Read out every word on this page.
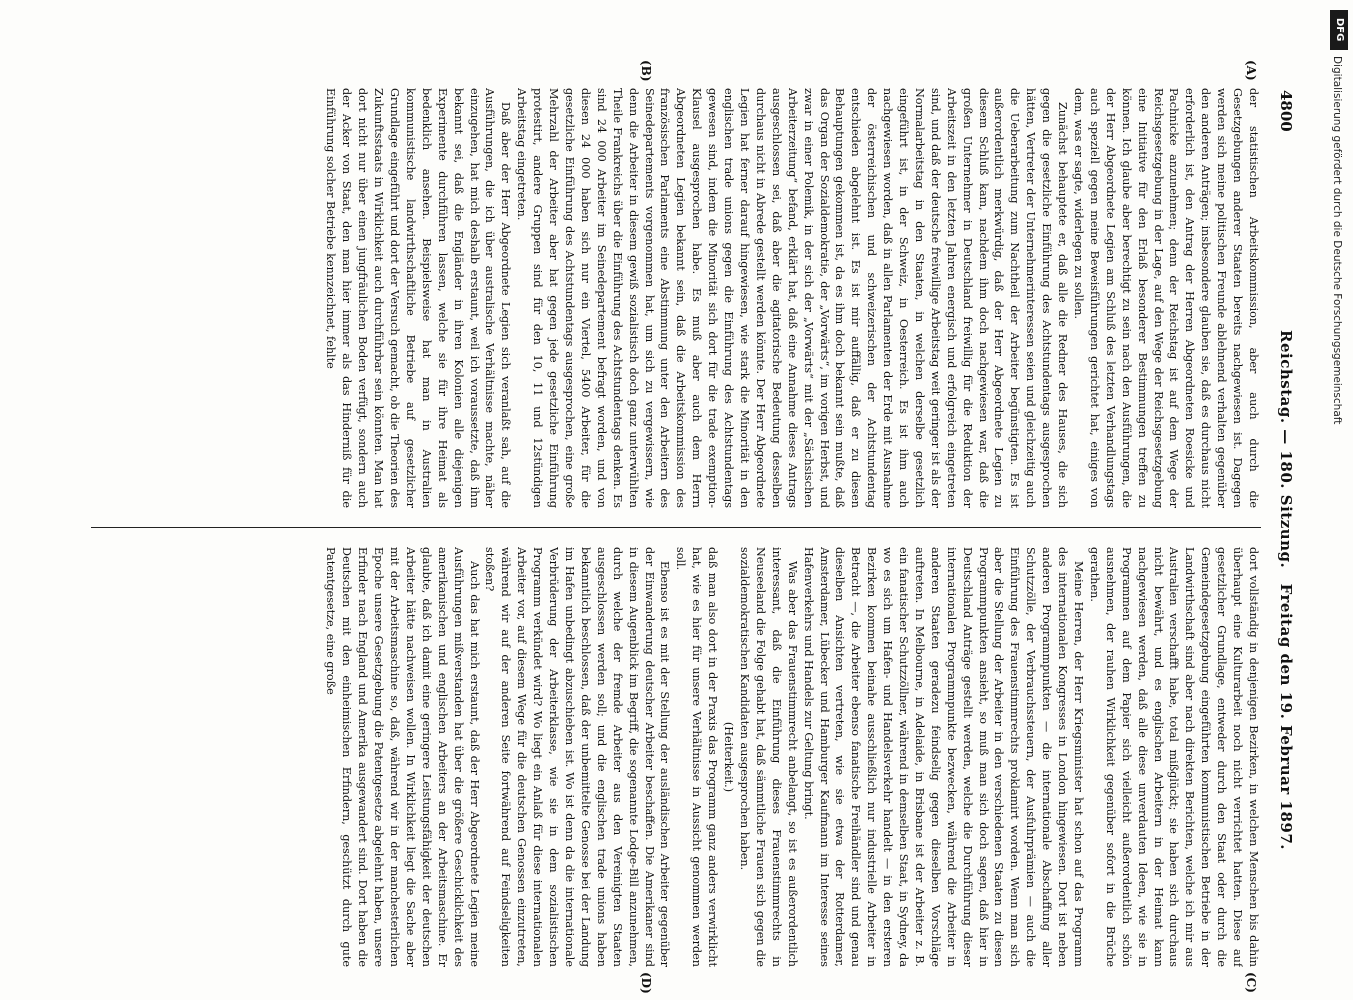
4800
Reichstag. — 180. Sitzung.
Freitag den 19. Februar 1897.
(A)
(B)
(C)
(D)

der statistischen Arbeitskommission, aber auch durch die Gesetzgebungen anderer Staaten bereits nachgewiesen ist. Dagegen werden sich meine politischen Freunde ablehnend verhalten gegenüber den anderen Anträgen; insbesondere glauben sie, daß es durchaus nicht erforderlich ist, den Antrag der Herren Abgeordneten Roesicke und Pachnicke anzunehmen; denn der Reichstag ist auf dem Wege der Reichsgesetzgebung in der Lage, auf den Wege der Reichsgesetzgebung eine Initiative für den Erlaß besonderer Bestimmungen treffen zu können. Ich glaube aber berechtigt zu sein nach den Ausführungen, die der Herr Abgeordnete Legien am Schluß des letzten Verhandlungstags auch speziell gegen meine Beweisführungen gerichtet hat, einiges von dem, was er sagte, widerlegen zu sollen.

Zunächst behauptete er, daß alle die Redner des Hauses, die sich gegen die gesetzliche Einführung des Achtstundentags ausgesprochen hätten, Vertreter der Unternehmerinteressen seien und gleichzeitig auch die Ueberarbeitung zum Nachtheil der Arbeiter begünstigten. Es ist außerordentlich merkwürdig, daß der Herr Abgeordnete Legien zu diesem Schluß kam, nachdem ihm doch nachgewiesen war, daß die großen Unternehmer in Deutschland freiwillig für die Reduktion der Arbeitszeit in den letzten Jahren energisch und erfolgreich eingetreten sind, und daß der deutsche freiwillige Arbeitstag weit geringer ist als der Normalarbeitstag in den Staaten, in welchen derselbe gesetzlich eingeführt ist, in der Schweiz, in Oesterreich. Es ist ihm auch nachgewiesen worden, daß in allen Parlamenten der Erde mit Ausnahme der österreichischen und schweizerischen der Achtstundentag entschieden abgelehnt ist. Es ist mir auffällig, daß er zu diesen Behauptungen gekommen ist, da es ihm doch bekannt sein mußte, daß das Organ der Sozialdemokratie, der „Vorwärts“, im vorigen Herbst, und zwar in einer Polemik, in der sich der „Vorwärts“ mit der „Sächsischen Arbeiterzeitung“ befand, erklärt hat, daß eine Annahme dieses Antrags ausgeschlossen sei, daß aber die agitatorische Bedeutung desselben durchaus nicht in Abrede gestellt werden könnte. Der Herr Abgeordnete Legien hat ferner darauf hingewiesen, wie stark die Minorität in den englischen trade unions gegen die Einführung des Achtstundentags gewesen sind, indem die Minorität sich dort für die trade exemption-Klausel ausgesprochen habe. Es muß aber auch dem Herrn Abgeordneten Legien bekannt sein, daß die Arbeitskommission des französischen Parlaments eine Abstimmung unter den Arbeitern des Seinedepartements vorgenommen hat, um sich zu vergewissern, wie denn die Arbeiter in diesem gewiß sozialistisch doch ganz unterwühlten Theile Frankreichs über die Einführung des Achtstundentags denken. Es sind 24 000 Arbeiter im Seinedepartement befragt worden, und von diesen 24 000 haben sich nur ein Viertel, 5400 Arbeiter, für die gesetzliche Einführung des Achtstundentags ausgesprochen, eine große Mehrzahl der Arbeiter aber hat gegen jede gesetzliche Einführung protestirt, andere Gruppen sind für den 10, 11 und 12stündigen Arbeitstag eingetreten.

Daß aber der Herr Abgeordnete Legien sich veranlaßt sah, auf die Ausführungen, die ich über australische Verhältnisse machte, näher einzugehen, hat mich deshalb erstaunt, weil ich voraussetzte, daß ihm bekannt sei, daß die Engländer in ihren Kolonien alle diejenigen Experimente durchführen lassen, welche sie für ihre Heimat als bedenklich ansehen. Beispielsweise hat man in Australien kommunistische landwirthschaftliche Betriebe auf gesetzlicher Grundlage eingeführt und dort der Versuch gemacht, ob die Theorien des Zukunftsstaats in Wirklichkeit auch durchführbar sein könnten. Man hat dort nicht nur über einen jungfräulichen Boden verfügt, sondern auch der Acker von Staat, den man hier immer als das Hinderniß für die Einführung solcher Betriebe kennzeichnet, fehlte

dort vollständig in denjenigen Bezirken, in welchen Menschen bis dahin überhaupt eine Kulturarbeit noch nicht verrichtet hatten. Diese auf gesetzlicher Grundlage, entweder durch den Staat oder durch die Gemeindegesetzgebung eingeführten kommunistischen Betriebe in der Landwirthschaft sind aber nach direkten Berichten, welche ich mir aus Australien verschafft habe, total mißglückt; sie haben sich durchaus nicht bewährt, und es englischen Arbeitern in der Heimat kann nachgewiesen werden, daß alle diese unverdauten Ideen, wie sie in Programmen auf dem Papier sich vielleicht außerordentlich schön ausnehmen, der rauhen Wirklichkeit gegenüber sofort in die Brüche gerathen.

Meine Herren, der Herr Kriegsminister hat schon auf das Programm des internationalen Kongresses in London hingewiesen. Dort ist neben anderen Programmpunkten — die internationale Abschaffung aller Schutzzölle, der Verbrauchssteuern, der Ausfuhrprämien — auch die Einführung des Frauenstimmrechts proklamirt worden. Wenn man sich aber die Stellung der Arbeiter in den verschiedenen Staaten zu diesen Programmpunkten ansieht, so muß man sich doch sagen, daß hier in Deutschland Anträge gestellt werden, welche die Durchführung dieser internationalen Programmpunkte bezwecken, während die Arbeiter in anderen Staaten geradezu feindselig gegen dieselben Vorschläge auftreten. In Melbourne, in Adelaide, in Brisbane ist der Arbeiter z. B. ein fanatischer Schutzzöllner, während in demselben Staat, in Sydney, da wo es sich um Hafen- und Handelsverkehr handelt — in den ersteren Bezirken kommen beinahe ausschließlich nur industrielle Arbeiter in Betracht —, die Arbeiter ebenso fanatische Freihändler sind und genau dieselben Ansichten vertreten, wie sie etwa der Rotterdamer, Amsterdamer, Lübecker und Hamburger Kaufmann im Interesse seines Hafenverkehrs und Handels zur Geltung bringt.

Was aber das Frauenstimmrecht anbelangt, so ist es außerordentlich interessant, daß die Einführung dieses Frauenstimmrechts in Neuseeland die Folge gehabt hat, daß sämmtliche Frauen sich gegen die sozialdemokratischen Kandidaten ausgesprochen haben.

(Heiterkeit.)

daß man also dort in der Praxis das Programm ganz anders verwirklicht hat, wie es hier für unsere Verhältnisse in Aussicht genommen werden soll.

Ebenso ist es mit der Stellung der ausländischen Arbeiter gegenüber der Einwanderung deutscher Arbeiter beschaffen. Die Amerikaner sind in diesem Augenblick im Begriff, die sogenannte Lodge-Bill anzunehmen, durch welche der fremde Arbeiter aus den Vereinigten Staaten ausgeschlossen werden soll; und die englischen trade unions haben bekanntlich beschlossen, daß der unbemittelte Genosse bei der Landung im Hafen unbedingt abzuschieben ist. Wo ist denn da die internationale Verbrüderung der Arbeiterklasse, wie sie in dem sozialistischen Programm verkündet wird? Wo liegt ein Anlaß für diese internationalen Arbeiter vor, auf diesem Wege für die deutschen Genossen einzutreten, während wir auf der anderen Seite fortwährend auf Feindseligkeiten stoßen?

Auch das hat mich erstaunt, daß der Herr Abgeordnete Legien meine Ausführungen mißverstanden hat über die größere Geschicklichkeit des amerikanischen und englischen Arbeiters an der Arbeitsmaschine. Er glaubte, daß ich damit eine geringere Leistungsfähigkeit der deutschen Arbeiter hätte nachweisen wollen. In Wirklichkeit liegt die Sache aber mit der Arbeitsmaschine so, daß, während wir in der manchesterlichen Epoche unsere Gesetzgebung die Patentgesetze abgelehnt haben, unsere Erfinder nach England und Amerika ausgewandert sind. Dort haben die Deutschen mit den einheimischen Erfindern, geschützt durch gute Patentgesetze, eine große

DFG
Digitalisierung gefördert durch die Deutsche Forschungsgemeinschaft
